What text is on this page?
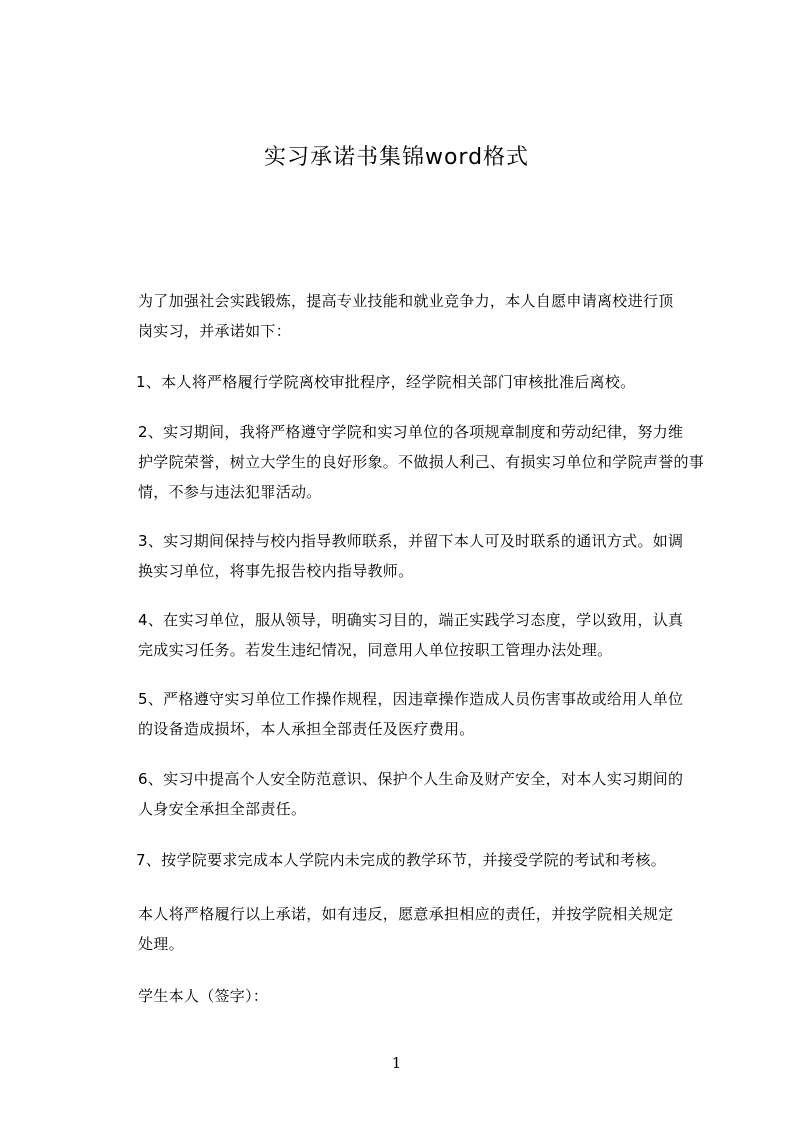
实习承诺书集锦word格式

为了加强社会实践锻炼，提高专业技能和就业竞争力，本人自愿申请离校进行顶
岗实习，并承诺如下：

1、本人将严格履行学院离校审批程序，经学院相关部门审核批准后离校。

2、实习期间，我将严格遵守学院和实习单位的各项规章制度和劳动纪律，努力维
护学院荣誉，树立大学生的良好形象。不做损人利己、有损实习单位和学院声誉的事
情，不参与违法犯罪活动。

3、实习期间保持与校内指导教师联系，并留下本人可及时联系的通讯方式。如调
换实习单位，将事先报告校内指导教师。

4、在实习单位，服从领导，明确实习目的，端正实践学习态度，学以致用，认真
完成实习任务。若发生违纪情况，同意用人单位按职工管理办法处理。

5、严格遵守实习单位工作操作规程，因违章操作造成人员伤害事故或给用人单位
的设备造成损坏，本人承担全部责任及医疗费用。

6、实习中提高个人安全防范意识、保护个人生命及财产安全，对本人实习期间的
人身安全承担全部责任。

7、按学院要求完成本人学院内未完成的教学环节，并接受学院的考试和考核。

本人将严格履行以上承诺，如有违反，愿意承担相应的责任，并按学院相关规定
处理。

学生本人（签字）：

1
